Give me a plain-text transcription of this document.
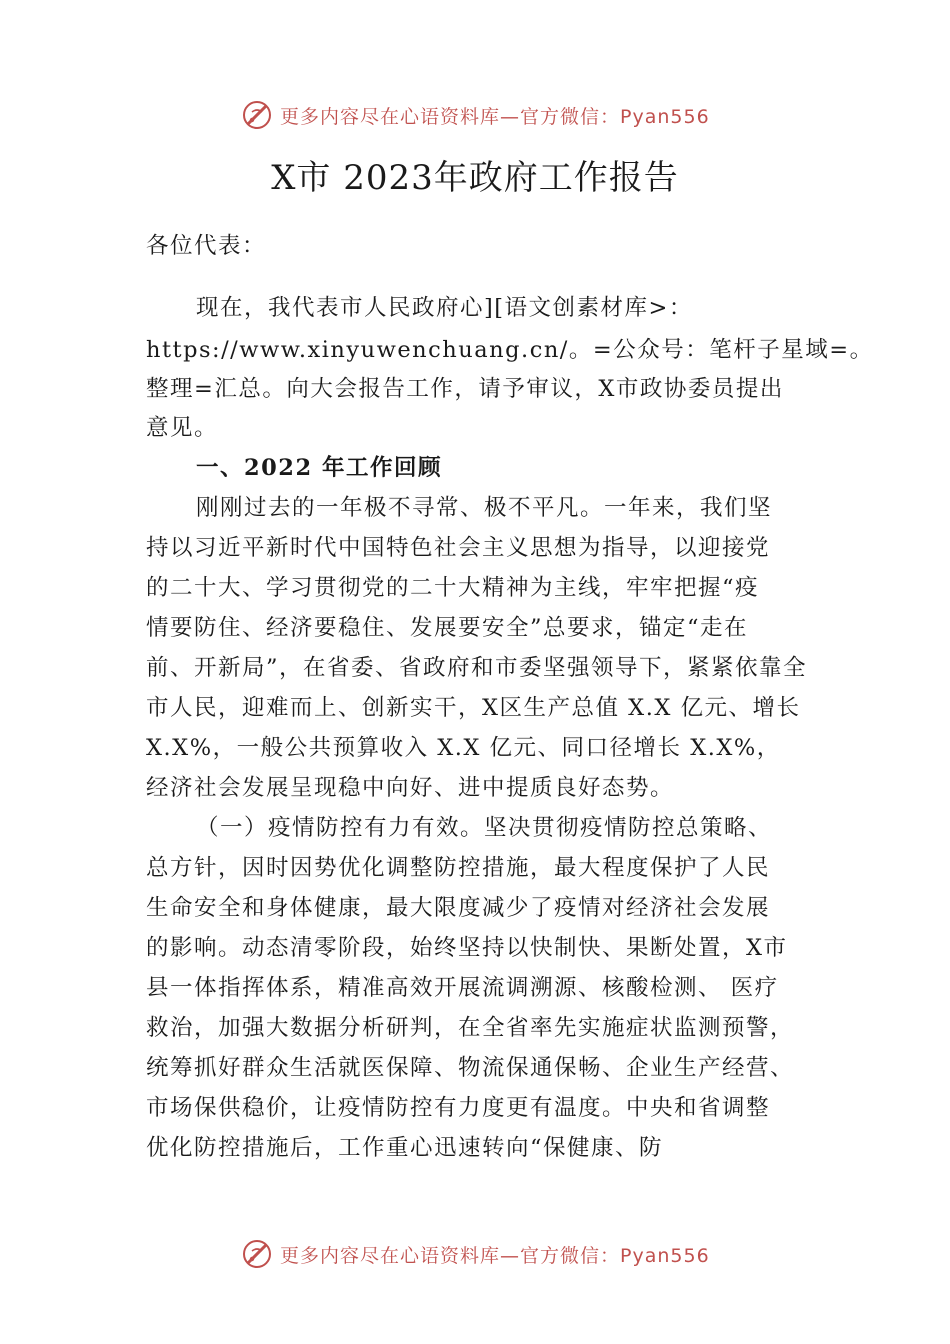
更多内容尽在心语资料库—官方微信：Pyan556
X市 2023年政府工作报告
各位代表：
现在，我代表市人民政府心][语文创素材库>：
https://www.xinyuwenchuang.cn/。=公众号：笔杆子星域=。
整理=汇总。向大会报告工作，请予审议，X市政协委员提出
意见。
一、2022 年工作回顾
刚刚过去的一年极不寻常、极不平凡。一年来，我们坚
持以习近平新时代中国特色社会主义思想为指导，以迎接党
的二十大、学习贯彻党的二十大精神为主线，牢牢把握“疫
情要防住、经济要稳住、发展要安全”总要求，锚定“走在
前、开新局”，在省委、省政府和市委坚强领导下，紧紧依靠全
市人民，迎难而上、创新实干，X区生产总值 X.X 亿元、增长
X.X%，一般公共预算收入 X.X 亿元、同口径增长 X.X%，
经济社会发展呈现稳中向好、进中提质良好态势。
（一）疫情防控有力有效。坚决贯彻疫情防控总策略、
总方针，因时因势优化调整防控措施，最大程度保护了人民
生命安全和身体健康，最大限度减少了疫情对经济社会发展
的影响。动态清零阶段，始终坚持以快制快、果断处置，X市
县一体指挥体系，精准高效开展流调溯源、核酸检测、 医疗
救治，加强大数据分析研判，在全省率先实施症状监测预警，
统筹抓好群众生活就医保障、物流保通保畅、企业生产经营、
市场保供稳价，让疫情防控有力度更有温度。中央和省调整
优化防控措施后，工作重心迅速转向“保健康、防
更多内容尽在心语资料库—官方微信：Pyan556
